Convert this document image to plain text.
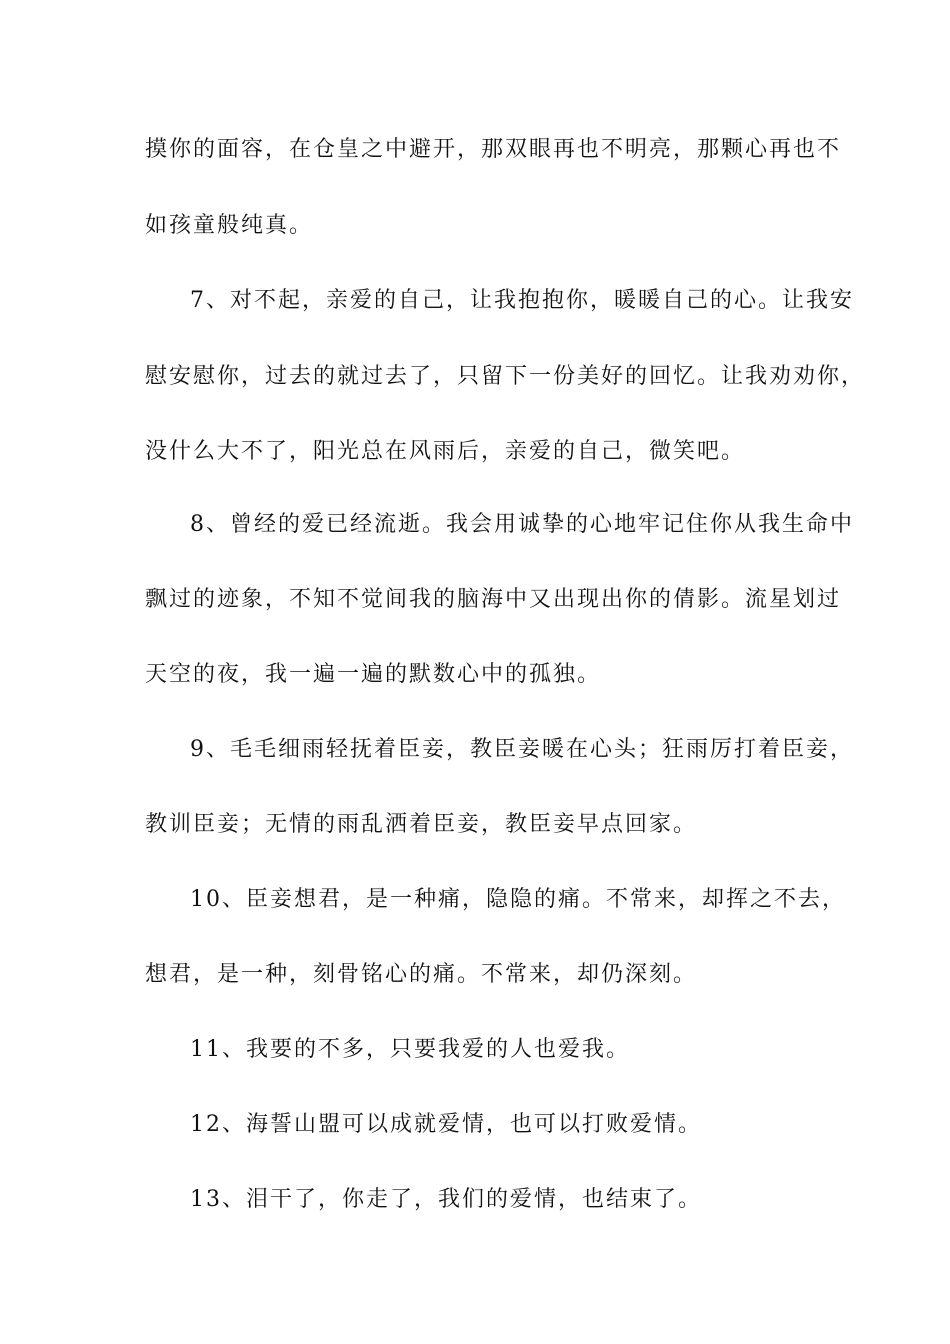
摸你的面容，在仓皇之中避开，那双眼再也不明亮，那颗心再也不
如孩童般纯真。
7、对不起，亲爱的自己，让我抱抱你，暖暖自己的心。让我安
慰安慰你，过去的就过去了，只留下一份美好的回忆。让我劝劝你，
没什么大不了，阳光总在风雨后，亲爱的自己，微笑吧。
8、曾经的爱已经流逝。我会用诚挚的心地牢记住你从我生命中
飘过的迹象，不知不觉间我的脑海中又出现出你的倩影。流星划过
天空的夜，我一遍一遍的默数心中的孤独。
9、毛毛细雨轻抚着臣妾，教臣妾暖在心头；狂雨厉打着臣妾，
教训臣妾；无情的雨乱洒着臣妾，教臣妾早点回家。
10、臣妾想君，是一种痛，隐隐的痛。不常来，却挥之不去，
想君，是一种，刻骨铭心的痛。不常来，却仍深刻。
11、我要的不多，只要我爱的人也爱我。
12、海誓山盟可以成就爱情，也可以打败爱情。
13、泪干了，你走了，我们的爱情，也结束了。
